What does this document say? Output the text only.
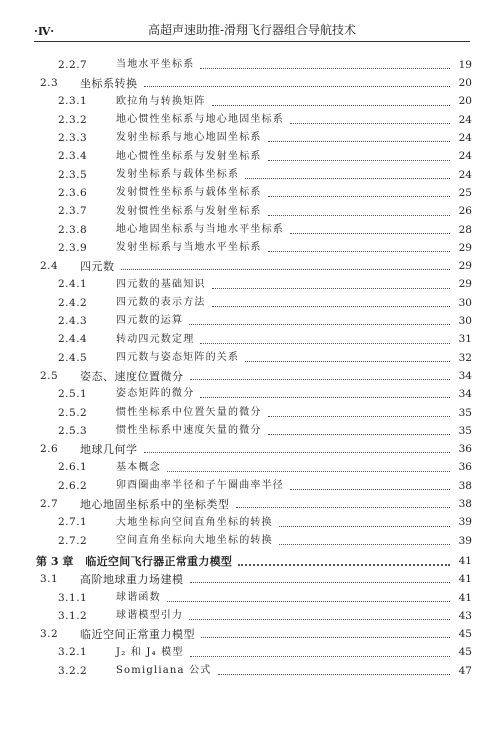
·Ⅳ·	高超声速助推-滑翔飞行器组合导航技术
2.2.7	当地水平坐标系	19
2.3	坐标系转换	20
2.3.1	欧拉角与转换矩阵	20
2.3.2	地心惯性坐标系与地心地固坐标系	24
2.3.3	发射坐标系与地心地固坐标系	24
2.3.4	地心惯性坐标系与发射坐标系	24
2.3.5	发射坐标系与载体坐标系	24
2.3.6	发射惯性坐标系与载体坐标系	25
2.3.7	发射惯性坐标系与发射坐标系	26
2.3.8	地心地固坐标系与当地水平坐标系	28
2.3.9	发射坐标系与当地水平坐标系	29
2.4	四元数	29
2.4.1	四元数的基础知识	29
2.4.2	四元数的表示方法	30
2.4.3	四元数的运算	30
2.4.4	转动四元数定理	31
2.4.5	四元数与姿态矩阵的关系	32
2.5	姿态、速度位置微分	34
2.5.1	姿态矩阵的微分	34
2.5.2	惯性坐标系中位置矢量的微分	35
2.5.3	惯性坐标系中速度矢量的微分	35
2.6	地球几何学	36
2.6.1	基本概念	36
2.6.2	卯酉圈曲率半径和子午圈曲率半径	38
2.7	地心地固坐标系中的坐标类型	38
2.7.1	大地坐标向空间直角坐标的转换	39
2.7.2	空间直角坐标向大地坐标的转换	39
第 3 章 临近空间飞行器正常重力模型	41
3.1	高阶地球重力场建模	41
3.1.1	球谐函数	41
3.1.2	球谐模型引力	43
3.2	临近空间正常重力模型	45
3.2.1	J₂ 和 J₄ 模型	45
3.2.2	Somigliana 公式	47
